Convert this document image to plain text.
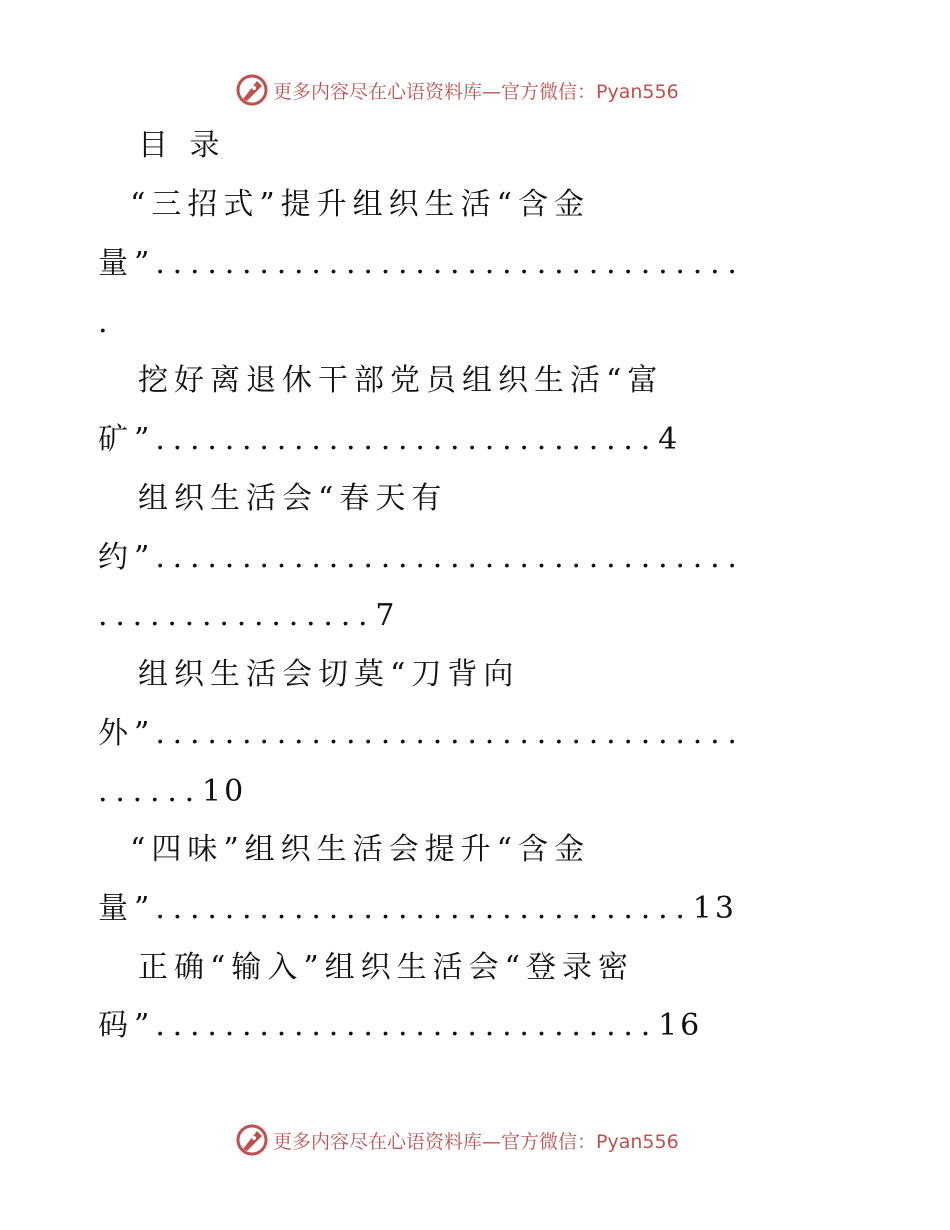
更多内容尽在心语资料库—官方微信：Pyan556
目 录
“三招式”提升组织生活“含金
量”..................................
.
挖好离退休干部党员组织生活“富
矿”.............................4
组织生活会“春天有
约”..................................
................7
组织生活会切莫“刀背向
外”..................................
......10
“四味”组织生活会提升“含金
量”...............................13
正确“输入”组织生活会“登录密
码”.............................16
更多内容尽在心语资料库—官方微信：Pyan556
